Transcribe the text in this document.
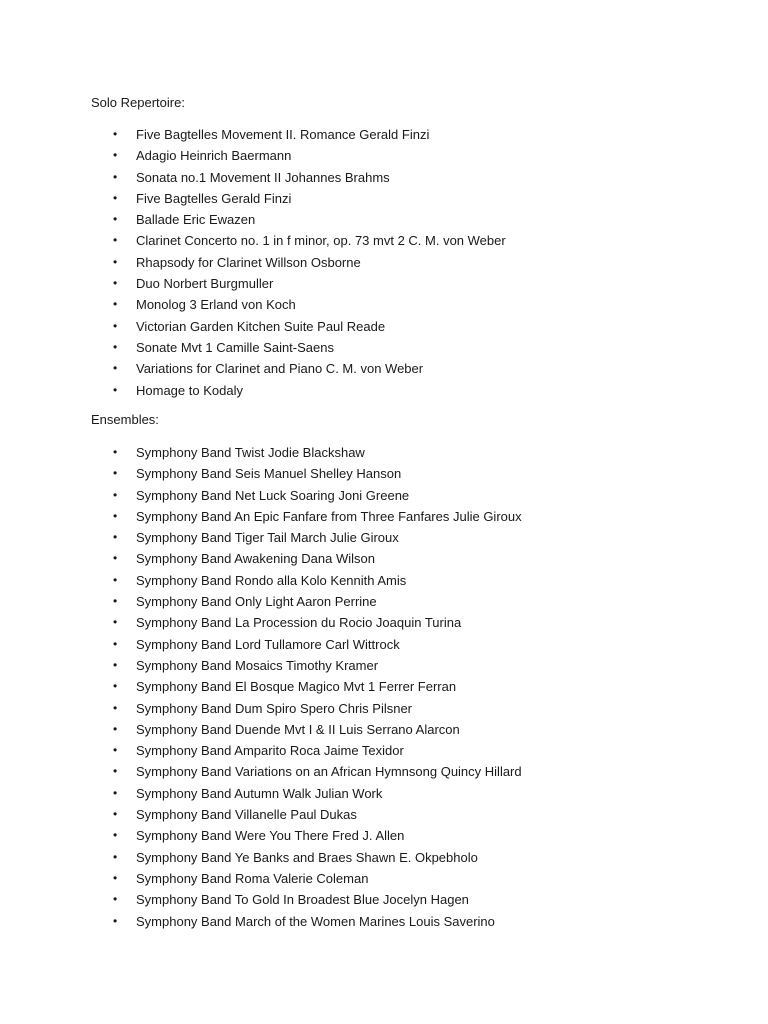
Solo Repertoire:

• Five Bagtelles Movement II. Romance Gerald Finzi
• Adagio Heinrich Baermann
• Sonata no.1 Movement II Johannes Brahms
• Five Bagtelles Gerald Finzi
• Ballade Eric Ewazen
• Clarinet Concerto no. 1 in f minor, op. 73 mvt 2 C. M. von Weber
• Rhapsody for Clarinet Willson Osborne
• Duo Norbert Burgmuller
• Monolog 3 Erland von Koch
• Victorian Garden Kitchen Suite Paul Reade
• Sonate Mvt 1 Camille Saint-Saens
• Variations for Clarinet and Piano C. M. von Weber
• Homage to Kodaly

Ensembles:

• Symphony Band Twist Jodie Blackshaw
• Symphony Band Seis Manuel Shelley Hanson
• Symphony Band Net Luck Soaring Joni Greene
• Symphony Band An Epic Fanfare from Three Fanfares Julie Giroux
• Symphony Band Tiger Tail March Julie Giroux
• Symphony Band Awakening Dana Wilson
• Symphony Band Rondo alla Kolo Kennith Amis
• Symphony Band Only Light Aaron Perrine
• Symphony Band La Procession du Rocio Joaquin Turina
• Symphony Band Lord Tullamore Carl Wittrock
• Symphony Band Mosaics Timothy Kramer
• Symphony Band El Bosque Magico Mvt 1 Ferrer Ferran
• Symphony Band Dum Spiro Spero Chris Pilsner
• Symphony Band Duende Mvt I & II Luis Serrano Alarcon
• Symphony Band Amparito Roca Jaime Texidor
• Symphony Band Variations on an African Hymnsong Quincy Hillard
• Symphony Band Autumn Walk Julian Work
• Symphony Band Villanelle Paul Dukas
• Symphony Band Were You There Fred J. Allen
• Symphony Band Ye Banks and Braes Shawn E. Okpebholo
• Symphony Band Roma Valerie Coleman
• Symphony Band To Gold In Broadest Blue Jocelyn Hagen
• Symphony Band March of the Women Marines Louis Saverino
